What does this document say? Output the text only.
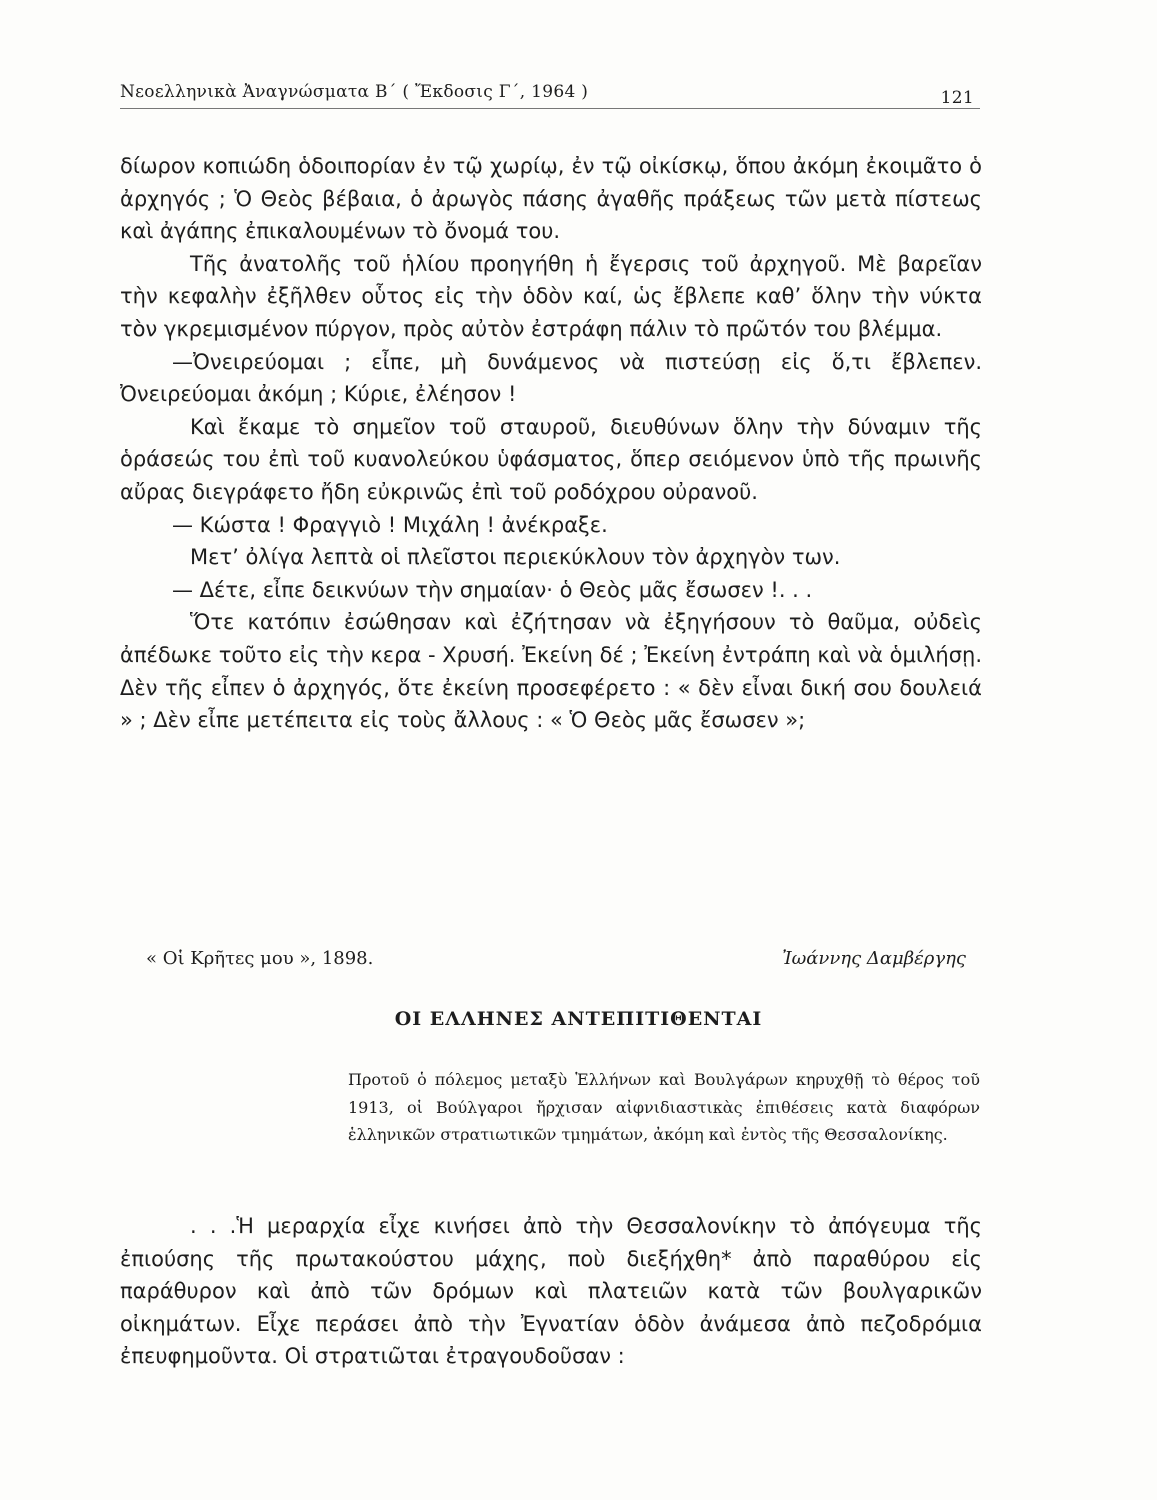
Νεοελληνικὰ Ἀναγνώσματα Β΄ ( Ἔκδοσις Γ΄, 1964 )	121

δίωρον κοπιώδη ὁδοιπορίαν ἐν τῷ χωρίῳ, ἐν τῷ οἰκίσκῳ, ὅπου ἀκόμη ἐκοιμᾶτο ὁ ἀρχηγός ; Ὁ Θεὸς βέβαια, ὁ ἀρωγὸς πάσης ἀγαθῆς πράξεως τῶν μετὰ πίστεως καὶ ἀγάπης ἐπικαλουμένων τὸ ὄνομά του.

Τῆς ἀνατολῆς τοῦ ἡλίου προηγήθη ἡ ἔγερσις τοῦ ἀρχηγοῦ. Μὲ βαρεῖαν τὴν κεφαλὴν ἐξῆλθεν οὗτος εἰς τὴν ὁδὸν καί, ὡς ἔβλεπε καθ’ ὅλην τὴν νύκτα τὸν γκρεμισμένον πύργον, πρὸς αὐτὸν ἐστράφη πάλιν τὸ πρῶτόν του βλέμμα.

—Ὀνειρεύομαι ; εἶπε, μὴ δυνάμενος νὰ πιστεύσῃ εἰς ὅ,τι ἔβλεπεν. Ὀνειρεύομαι ἀκόμη ; Κύριε, ἐλέησον !

Καὶ ἔκαμε τὸ σημεῖον τοῦ σταυροῦ, διευθύνων ὅλην τὴν δύναμιν τῆς ὁράσεώς του ἐπὶ τοῦ κυανολεύκου ὑφάσματος, ὅπερ σειόμενον ὑπὸ τῆς πρωινῆς αὔρας διεγράφετο ἤδη εὐκρινῶς ἐπὶ τοῦ ροδόχρου οὐρανοῦ.

— Κώστα ! Φραγγιὸ ! Μιχάλη ! ἀνέκραξε.

Μετ’ ὀλίγα λεπτὰ οἱ πλεῖστοι περιεκύκλουν τὸν ἀρχηγὸν των.

— Δέτε, εἶπε δεικνύων τὴν σημαίαν· ὁ Θεὸς μᾶς ἔσωσεν !. . .

Ὅτε κατόπιν ἐσώθησαν καὶ ἐζήτησαν νὰ ἐξηγήσουν τὸ θαῦμα, οὐδεὶς ἀπέδωκε τοῦτο εἰς τὴν κερα - Χρυσή. Ἐκείνη δέ ; Ἐκείνη ἐντράπη καὶ νὰ ὁμιλήσῃ. Δὲν τῆς εἶπεν ὁ ἀρχηγός, ὅτε ἐκείνη προσεφέρετο : « δὲν εἶναι δική σου δουλειά » ; Δὲν εἶπε μετέπειτα εἰς τοὺς ἄλλους : « Ὁ Θεὸς μᾶς ἔσωσεν »;

« Οἱ Κρῆτες μου », 1898.	Ἰωάννης Δαμβέργης
ΟΙ ΕΛΛΗΝΕΣ ΑΝΤΕΠΙΤΙΘΕΝΤΑΙ

Προτοῦ ὁ πόλεμος μεταξὺ Ἑλλήνων καὶ Βουλγάρων κηρυχθῇ τὸ θέρος τοῦ 1913, οἱ Βούλγαροι ἤρχισαν αἰφνιδιαστικὰς ἐπιθέσεις κατὰ διαφόρων ἑλληνικῶν στρατιωτικῶν τμημάτων, ἀκόμη καὶ ἐντὸς τῆς Θεσσαλονίκης.

. . .Ἡ μεραρχία εἶχε κινήσει ἀπὸ τὴν Θεσσαλονίκην τὸ ἀπόγευμα τῆς ἐπιούσης τῆς πρωτακούστου μάχης, ποὺ διεξήχθη* ἀπὸ παραθύρου εἰς παράθυρον καὶ ἀπὸ τῶν δρόμων καὶ πλατειῶν κατὰ τῶν βουλγαρικῶν οἰκημάτων. Εἶχε περάσει ἀπὸ τὴν Ἐγνατίαν ὁδὸν ἀνάμεσα ἀπὸ πεζοδρόμια ἐπευφημοῦντα. Οἱ στρατιῶται ἐτραγουδοῦσαν :
